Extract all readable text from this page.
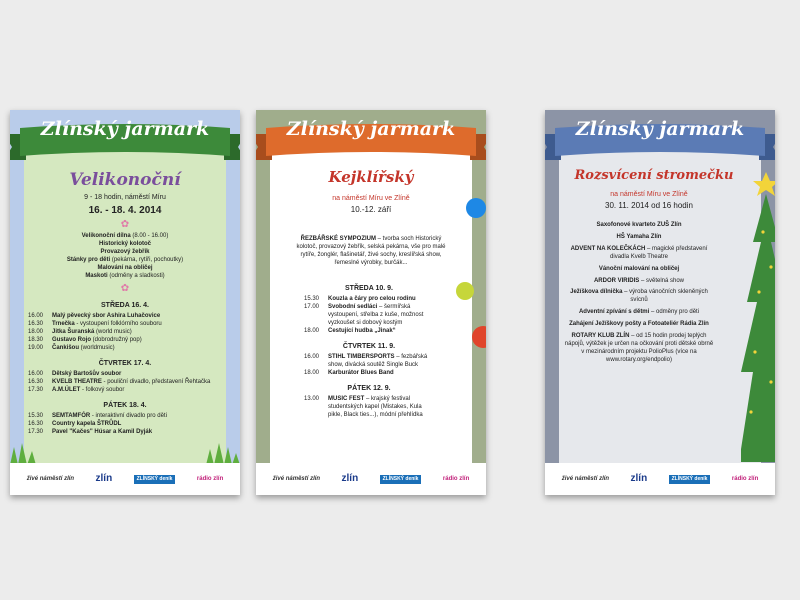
Zlínský jarmark
Velikonoční
9 - 18 hodin, náměstí Míru
16. - 18. 4. 2014
✿
Velikonoční dílna (8.00 - 16.00)
Historický kolotoč
Provazový žebřík
Stánky pro děti (pekárna, rytíři, pochoutky)
Malování na obličej
Maskoti (odměny a sladkosti)
✿
STŘEDA 16. 4.
16.00	Malý pěvecký sbor Ashira Luhačovice
16.30	Trnečka - vystoupení folklórního souboru
18.00	Jitka Šuranská (world music)
18.30	Gustavo Rojo (dobrodružný pop)
19.00	Čankišou (worldmusic)
ČTVRTEK 17. 4.
16.00	Dětský Bartošův soubor
16.30	KVELB THEATRE - pouliční divadlo, představení Řehtačka
17.30	A.M.ÚLET - folkový soubor
PÁTEK 18. 4.
15.30	SEMTAMFÓR - interaktivní divadlo pro děti
16.30	Country kapela ŠTRŮDL
17.30	Pavel "Kačes" Húsar a Kamil Dyják
živé náměstí zlín zlín	ZLÍNSKÝ deník	rádio zlín
Zlínský jarmark
Kejklířský
na náměstí Míru ve Zlíně
10.-12. září
ŘEZBÁŘSKÉ SYMPOZIUM – tvorba soch Historický kolotoč, provazový žebřík, selská pekárna, vše pro malé rytíře, žonglér, flašinetář, živé sochy, kreslířská show, řemeslné výrobky, burčák...
STŘEDA 10. 9.
15.30	Kouzla a čáry pro celou rodinu
17.00	Svobodní sedláci – šermířská vystoupení, střelba z kuše, možnost vyzkoušet si dobový kostým
18.00	Cestující hudba „Jinak“
ČTVRTEK 11. 9.
16.00	STIHL TIMBERSPORTS – fezbářská show, divácká soutěž Single Buck
18.00	Karburátor Blues Band
PÁTEK 12. 9.
13.00	MUSIC FEST – krajský festival studentských kapel (Mistakes, Kula pikle, Black ties...), módní přehlídka
živé náměstí zlín zlín	ZLÍNSKÝ deník	rádio zlín
Zlínský jarmark
Rozsvícení stromečku
na náměstí Míru ve Zlíně
30. 11. 2014 od 16 hodin
Saxofonové kvarteto ZUŠ Zlín
HŠ Yamaha Zlín
ADVENT NA KOLEČKÁCH – magické představení divadla Kvelb Theatre
Vánoční malování na obličej
ARDOR VIRIDIS – světelná show
Ježíškova dílnička – výroba vánočních skleněných svícnů
Adventní zpívání s dětmi – odměny pro děti
Zahájení Ježíškovy pošty a Fotoateliér Rádia Zlín
ROTARY KLUB ZLÍN – od 15 hodin prodej teplých nápojů, výtěžek je určen na očkování proti dětské obrně v mezinárodním projektu PolioPlus (více na www.rotary.org/endpolio)
živé náměstí zlín zlín	ZLÍNSKÝ deník	rádio zlín
